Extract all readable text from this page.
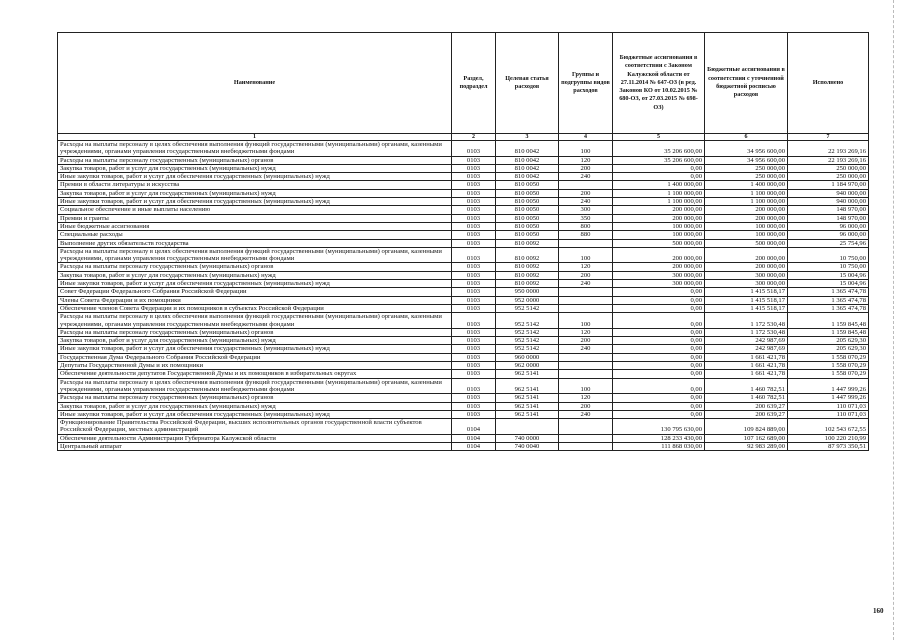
Наименование	Раздел, подраздел	Целевая статья расходов	Группы и подгруппы видов расходов	Бюджетные ассигнования в соответствии с Законом Калужской области от 27.11.2014 № 647-ОЗ (в ред. Законов КО от 10.02.2015 № 680-ОЗ, от 27.03.2015 № 698-ОЗ)	Бюджетные ассигнования в соответствии с уточненной бюджетной росписью расходов	Исполнено
1	2	3	4	5	6	7
Расходы на выплаты персоналу в целях обеспечения выполнения функций государственными (муниципальными) органами, казенными учреждениями, органами управления государственными внебюджетными фондами	0103	810 0042	100	35 206 600,00	34 956 600,00	22 193 269,16
Расходы на выплаты персоналу государственных (муниципальных) органов	0103	810 0042	120	35 206 600,00	34 956 600,00	22 193 269,16
Закупка товаров, работ и услуг для государственных (муниципальных) нужд	0103	810 0042	200	0,00	250 000,00	250 000,00
Иные закупки товаров, работ и услуг для обеспечения государственных (муниципальных) нужд	0103	810 0042	240	0,00	250 000,00	250 000,00
Премии в области литературы и искусства	0103	810 0050		1 400 000,00	1 400 000,00	1 184 970,00
Закупка товаров, работ и услуг для государственных (муниципальных) нужд	0103	810 0050	200	1 100 000,00	1 100 000,00	940 000,00
Иные закупки товаров, работ и услуг для обеспечения государственных (муниципальных) нужд	0103	810 0050	240	1 100 000,00	1 100 000,00	940 000,00
Социальное обеспечение и иные выплаты населению	0103	810 0050	300	200 000,00	200 000,00	148 970,00
Премии и гранты	0103	810 0050	350	200 000,00	200 000,00	148 970,00
Иные бюджетные ассигнования	0103	810 0050	800	100 000,00	100 000,00	96 000,00
Специальные расходы	0103	810 0050	880	100 000,00	100 000,00	96 000,00
Выполнение других обязательств государства	0103	810 0092		500 000,00	500 000,00	25 754,96
Расходы на выплаты персоналу в целях обеспечения выполнения функций государственными (муниципальными) органами, казенными учреждениями, органами управления государственными внебюджетными фондами	0103	810 0092	100	200 000,00	200 000,00	10 750,00
Расходы на выплаты персоналу государственных (муниципальных) органов	0103	810 0092	120	200 000,00	200 000,00	10 750,00
Закупка товаров, работ и услуг для государственных (муниципальных) нужд	0103	810 0092	200	300 000,00	300 000,00	15 004,96
Иные закупки товаров, работ и услуг для обеспечения государственных (муниципальных) нужд	0103	810 0092	240	300 000,00	300 000,00	15 004,96
Совет Федерации Федерального Собрания Российской Федерации	0103	950 0000		0,00	1 415 518,17	1 365 474,78
Члены Совета Федерации и их помощники	0103	952 0000		0,00	1 415 518,17	1 365 474,78
Обеспечение членов Совета Федерации и их помощников в субъектах Российской Федерации	0103	952 5142		0,00	1 415 518,17	1 365 474,78
Расходы на выплаты персоналу в целях обеспечения выполнения функций государственными (муниципальными) органами, казенными учреждениями, органами управления государственными внебюджетными фондами	0103	952 5142	100	0,00	1 172 530,48	1 159 845,48
Расходы на выплаты персоналу государственных (муниципальных) органов	0103	952 5142	120	0,00	1 172 530,48	1 159 845,48
Закупка товаров, работ и услуг для государственных (муниципальных) нужд	0103	952 5142	200	0,00	242 987,69	205 629,30
Иные закупки товаров, работ и услуг для обеспечения государственных (муниципальных) нужд	0103	952 5142	240	0,00	242 987,69	205 629,30
Государственная Дума Федерального Собрания Российской Федерации	0103	960 0000		0,00	1 661 421,78	1 558 070,29
Депутаты Государственной Думы и их помощники	0103	962 0000		0,00	1 661 421,78	1 558 070,29
Обеспечение деятельности депутатов Государственной Думы и их помощников в избирательных округах	0103	962 5141		0,00	1 661 421,78	1 558 070,29
Расходы на выплаты персоналу в целях обеспечения выполнения функций государственными (муниципальными) органами, казенными учреждениями, органами управления государственными внебюджетными фондами	0103	962 5141	100	0,00	1 460 782,51	1 447 999,26
Расходы на выплаты персоналу государственных (муниципальных) органов	0103	962 5141	120	0,00	1 460 782,51	1 447 999,26
Закупка товаров, работ и услуг для государственных (муниципальных) нужд	0103	962 5141	200	0,00	200 639,27	110 071,03
Иные закупки товаров, работ и услуг для обеспечения государственных (муниципальных) нужд	0103	962 5141	240	0,00	200 639,27	110 071,03
Функционирование Правительства Российской Федерации, высших исполнительных органов государственной власти субъектов Российской Федерации, местных администраций	0104			130 795 630,00	109 824 889,00	102 543 672,55
Обеспечение деятельности Администрации Губернатора Калужской области	0104	740 0000		128 233 430,00	107 162 689,00	100 220 210,99
Центральный аппарат	0104	740 0040		111 868 030,00	92 983 289,00	87 973 350,51
160
